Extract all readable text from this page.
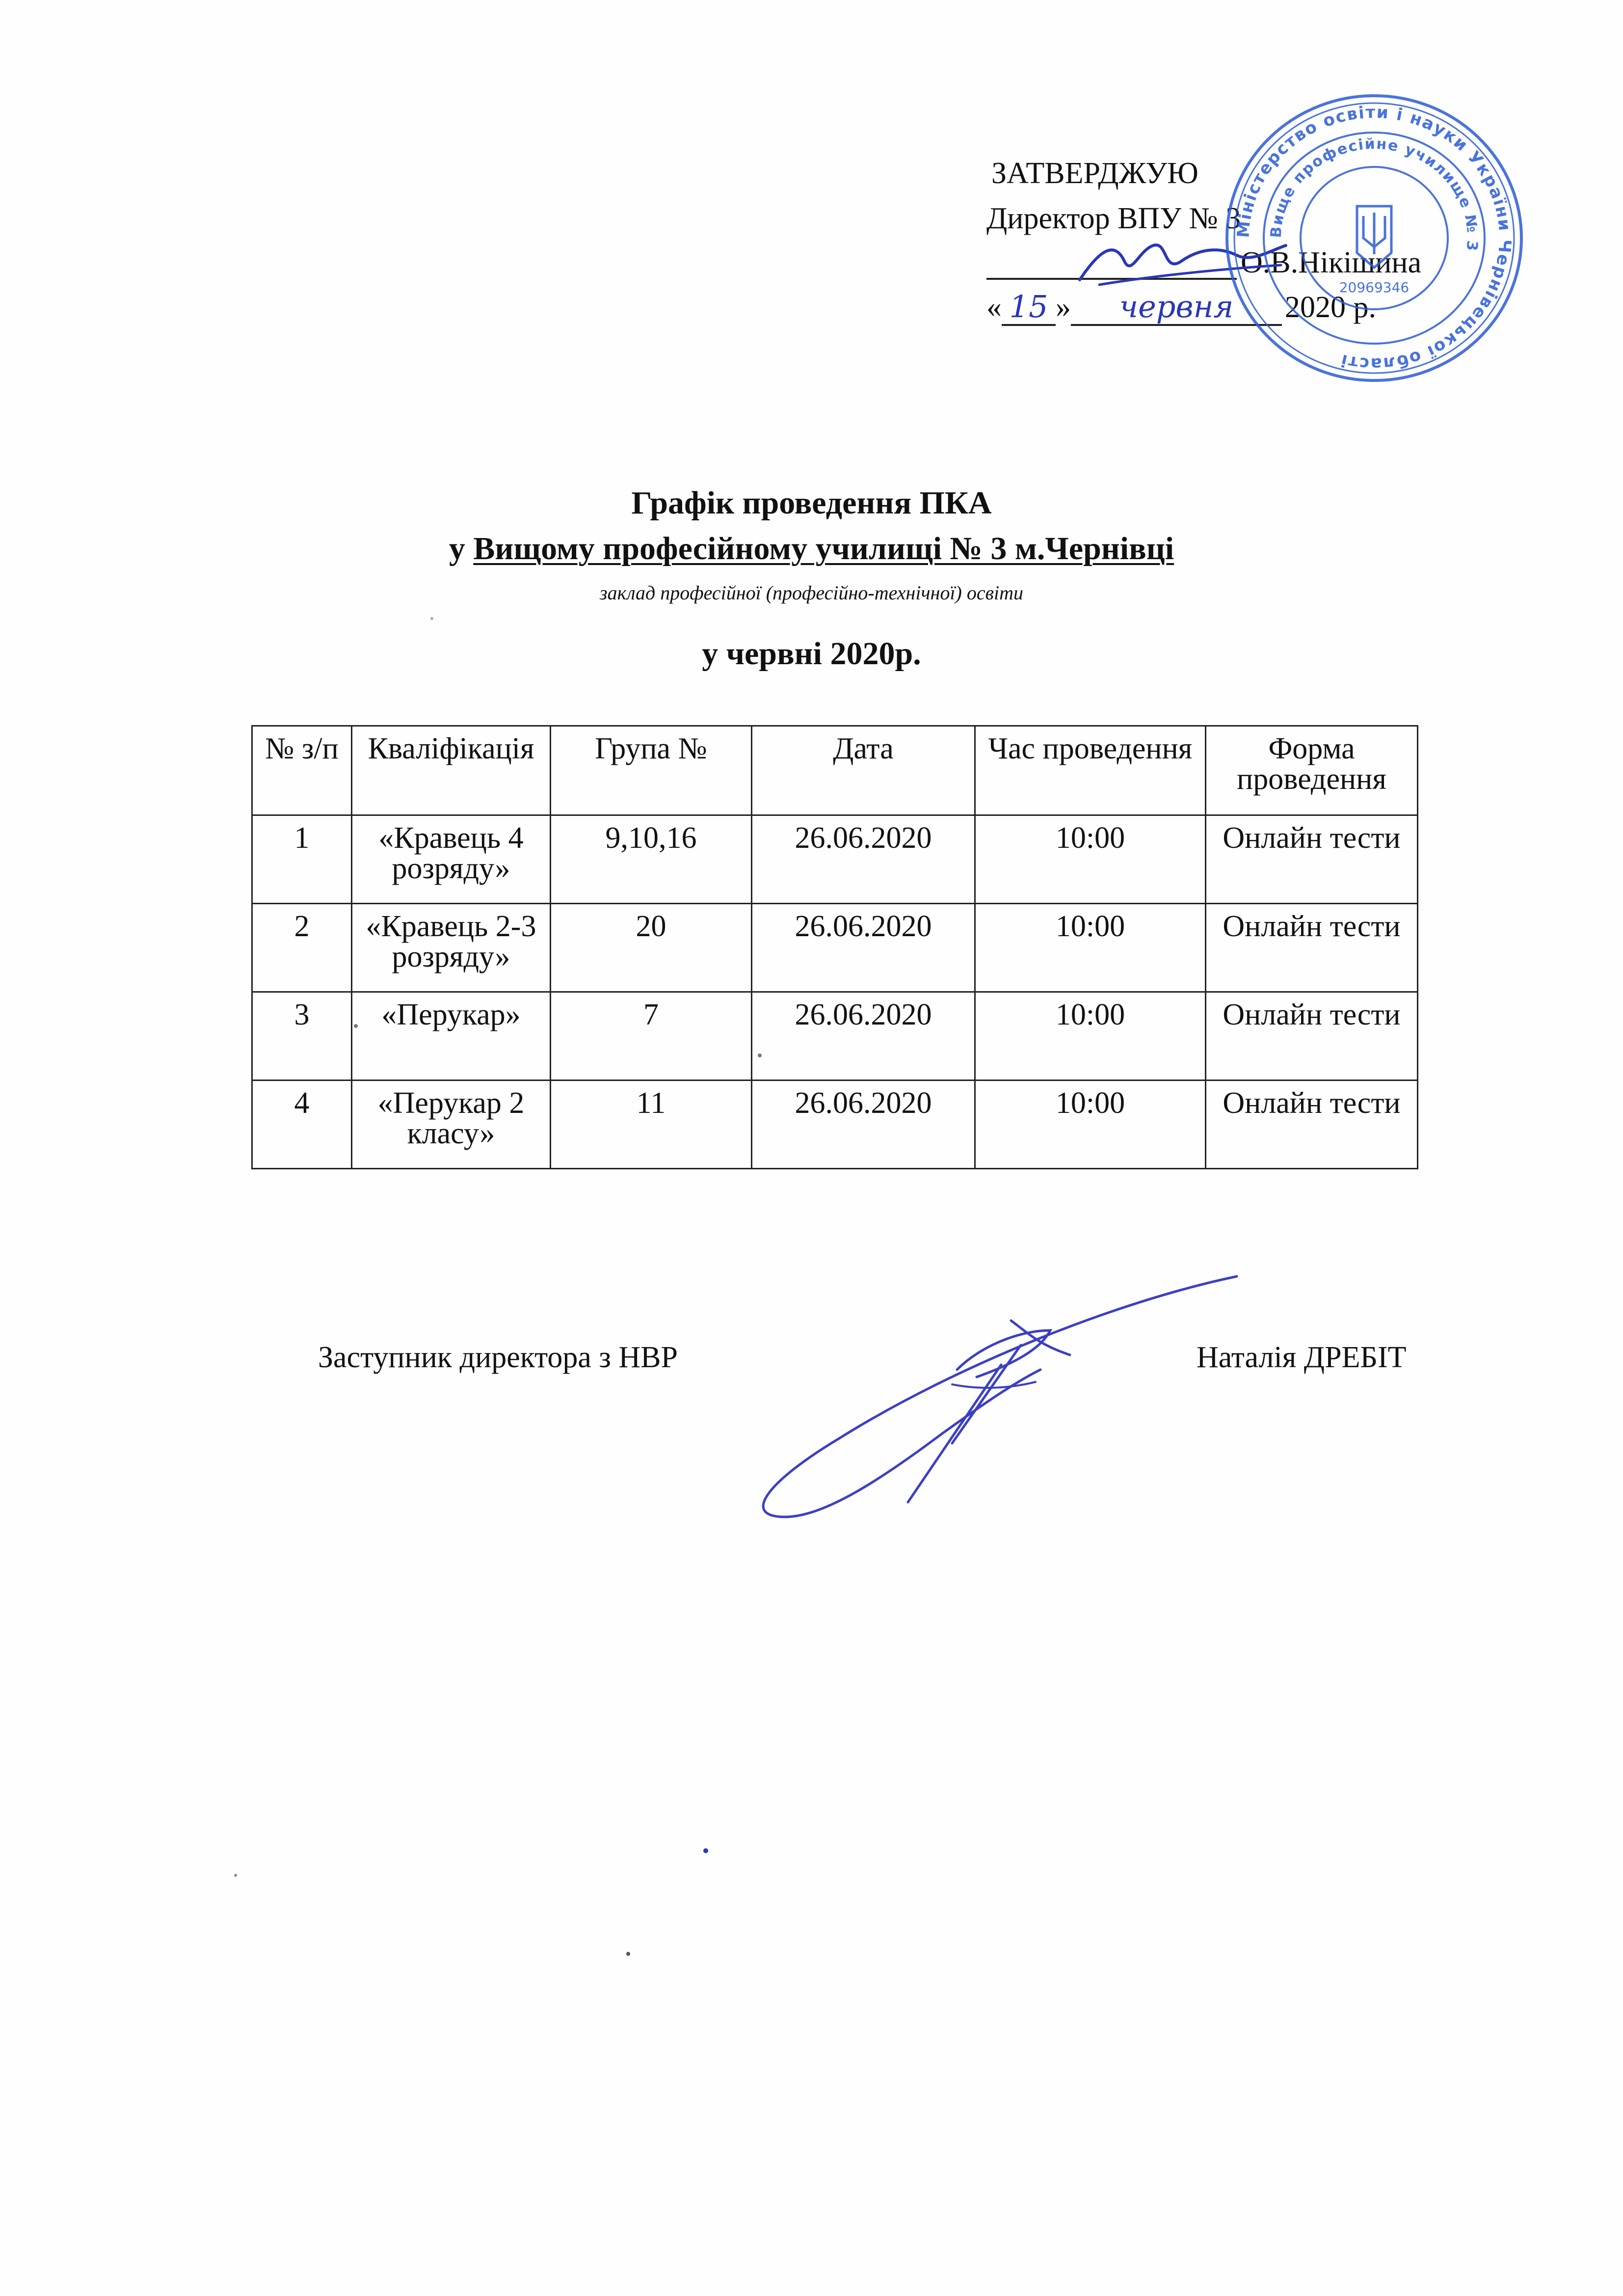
ЗАТВЕРДЖУЮ
Директор ВПУ № 3
О.В.Нікішина
« 15 » червня 2020 р.
Міністерство освіти і науки України Чернівецької області
Вище професійне училище № 3
20969346
Графік проведення ПКА
у Вищому професійному училищі № 3 м.Чернівці
заклад професійної (професійно-технічної) освіти
у червні 2020р.
№ з/п	Кваліфікація	Група №	Дата	Час проведення	Форма проведення
1	«Кравець 4 розряду»	9,10,16	26.06.2020	10:00	Онлайн тести
2	«Кравець 2-3 розряду»	20	26.06.2020	10:00	Онлайн тести
3	«Перукар»	7	26.06.2020	10:00	Онлайн тести
4	«Перукар 2 класу»	11	26.06.2020	10:00	Онлайн тести
Заступник директора з НВР	Наталія ДРЕБІТ
